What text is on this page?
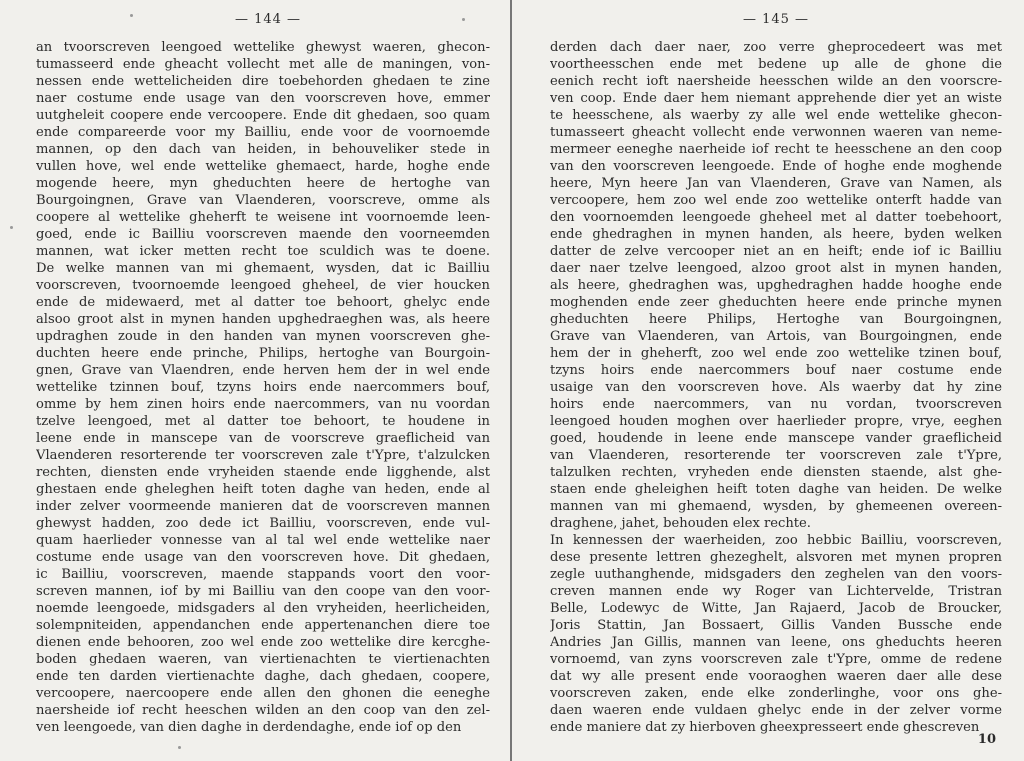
— 144 —
an tvoorscreven leengoed wettelike ghewyst waeren, ghecon-
tumasseerd ende gheacht vollecht met alle de maningen, von-
nessen ende wettelicheiden dire toebehorden ghedaen te zine
naer costume ende usage van den voorscreven hove, emmer
uutgheleit coopere ende vercoopere. Ende dit ghedaen, soo quam
ende compareerde voor my Bailliu, ende voor de voornoemde
mannen, op den dach van heiden, in behouveliker stede in
vullen hove, wel ende wettelike ghemaect, harde, hoghe ende
mogende heere, myn gheduchten heere de hertoghe van
Bourgoingnen, Grave van Vlaenderen, voorscreve, omme als
coopere al wettelike gheherft te weisene int voornoemde leen-
goed, ende ic Bailliu voorscreven maende den voorneemden
mannen, wat icker metten recht toe sculdich was te doene.
De welke mannen van mi ghemaent, wysden, dat ic Bailliu
voorscreven, tvoornoemde leengoed gheheel, de vier houcken
ende de midewaerd, met al datter toe behoort, ghelyc ende
alsoo groot alst in mynen handen upghedraeghen was, als heere
updraghen zoude in den handen van mynen voorscreven ghe-
duchten heere ende prinche, Philips, hertoghe van Bourgoin-
gnen, Grave van Vlaendren, ende herven hem der in wel ende
wettelike tzinnen bouf, tzyns hoirs ende naercommers bouf,
omme by hem zinen hoirs ende naercommers, van nu voordan
tzelve leengoed, met al datter toe behoort, te houdene in
leene ende in manscepe van de voorscreve graeflicheid van
Vlaenderen resorterende ter voorscreven zale t'Ypre, t'alzulcken
rechten, diensten ende vryheiden staende ende ligghende, alst
ghestaen ende gheleghen heift toten daghe van heden, ende al
inder zelver voormeende manieren dat de voorscreven mannen
ghewyst hadden, zoo dede ict Bailliu, voorscreven, ende vul-
quam haerlieder vonnesse van al tal wel ende wettelike naer
costume ende usage van den voorscreven hove. Dit ghedaen,
ic Bailliu, voorscreven, maende stappands voort den voor-
screven mannen, iof by mi Bailliu van den coope van den voor-
noemde leengoede, midsgaders al den vryheiden, heerlicheiden,
solempniteiden, appendanchen ende appertenanchen diere toe
dienen ende behooren, zoo wel ende zoo wettelike dire kercghe-
boden ghedaen waeren, van viertienachten te viertienachten
ende ten darden viertienachte daghe, dach ghedaen, coopere,
vercoopere, naercoopere ende allen den ghonen die eeneghe
naersheide iof recht heeschen wilden an den coop van den zel-
ven leengoede, van dien daghe in derdendaghe, ende iof op den
— 145 —
derden dach daer naer, zoo verre gheprocedeert was met
voortheesschen ende met bedene up alle de ghone die
eenich recht ioft naersheide heesschen wilde an den voorscre-
ven coop. Ende daer hem niemant apprehende dier yet an wiste
te heesschene, als waerby zy alle wel ende wettelike ghecon-
tumasseert gheacht vollecht ende verwonnen waeren van neme-
mermeer eeneghe naerheide iof recht te heesschene an den coop
van den voorscreven leengoede. Ende of hoghe ende moghende
heere, Myn heere Jan van Vlaenderen, Grave van Namen, als
vercoopere, hem zoo wel ende zoo wettelike onterft hadde van
den voornoemden leengoede gheheel met al datter toebehoort,
ende ghedraghen in mynen handen, als heere, byden welken
datter de zelve vercooper niet an en heift; ende iof ic Bailliu
daer naer tzelve leengoed, alzoo groot alst in mynen handen,
als heere, ghedraghen was, upghedraghen hadde hooghe ende
moghenden ende zeer gheduchten heere ende prinche mynen
gheduchten heere Philips, Hertoghe van Bourgoingnen,
Grave van Vlaenderen, van Artois, van Bourgoingnen, ende
hem der in gheherft, zoo wel ende zoo wettelike tzinen bouf,
tzyns hoirs ende naercommers bouf naer costume ende
usaige van den voorscreven hove. Als waerby dat hy zine
hoirs ende naercommers, van nu vordan, tvoorscreven
leengoed houden moghen over haerlieder propre, vrye, eeghen
goed, houdende in leene ende manscepe vander graeflicheid
van Vlaenderen, resorterende ter voorscreven zale t'Ypre,
talzulken rechten, vryheden ende diensten staende, alst ghe-
staen ende gheleighen heift toten daghe van heiden. De welke
mannen van mi ghemaend, wysden, by ghemeenen overeen-
draghene, jahet, behouden elex rechte.
In kennessen der waerheiden, zoo hebbic Bailliu, voorscreven,
dese presente lettren ghezeghelt, alsvoren met mynen propren
zegle uuthanghende, midsgaders den zeghelen van den voors-
creven mannen ende wy Roger van Lichtervelde, Tristran
Belle, Lodewyc de Witte, Jan Rajaerd, Jacob de Broucker,
Joris Stattin, Jan Bossaert, Gillis Vanden Bussche ende
Andries Jan Gillis, mannen van leene, ons gheduchts heeren
vornoemd, van zyns voorscreven zale t'Ypre, omme de redene
dat wy alle present ende vooraoghen waeren daer alle dese
voorscreven zaken, ende elke zonderlinghe, voor ons ghe-
daen waeren ende vuldaen ghelyc ende in der zelver vorme
ende maniere dat zy hierboven gheexpresseert ende ghescreven
10
